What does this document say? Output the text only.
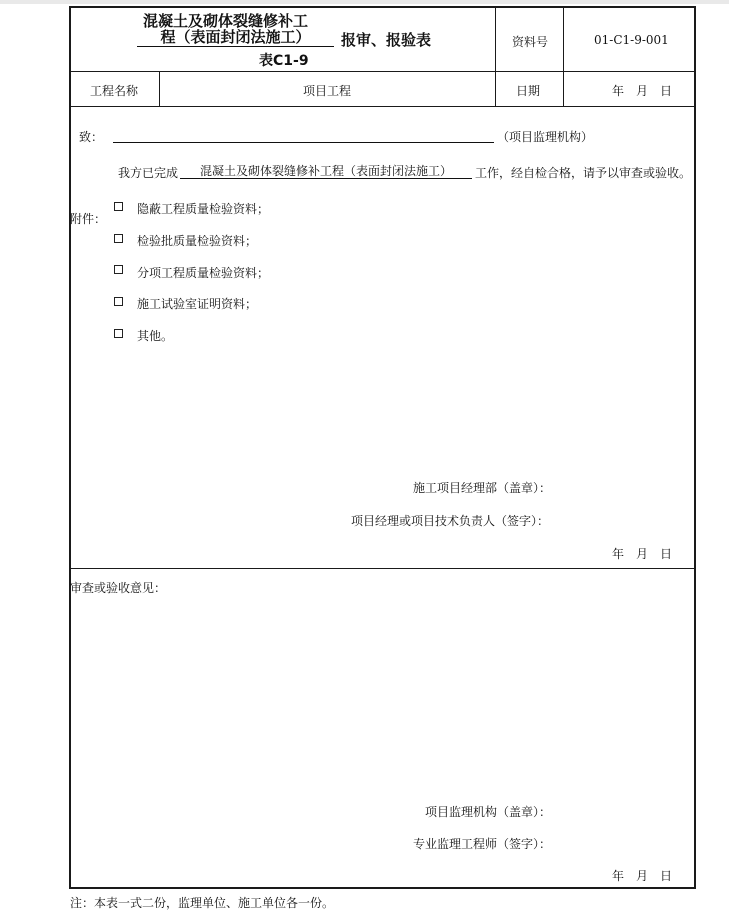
混凝土及砌体裂缝修补工
程（表面封闭法施工）	报审、报验表
表C1-9
资料号	01-C1-9-001
工程名称	项目工程	日期	年　月　日
致：	（项目监理机构）
我方已完成	混凝土及砌体裂缝修补工程（表面封闭法施工）	工作，经自检合格，请予以审查或验收。
附件：
隐蔽工程质量检验资料；
检验批质量检验资料；
分项工程质量检验资料；
施工试验室证明资料；
其他。
施工项目经理部（盖章）：
项目经理或项目技术负责人（签字）：
年　月　日
审查或验收意见：
项目监理机构（盖章）：
专业监理工程师（签字）：
年　月　日
注：本表一式二份，监理单位、施工单位各一份。
